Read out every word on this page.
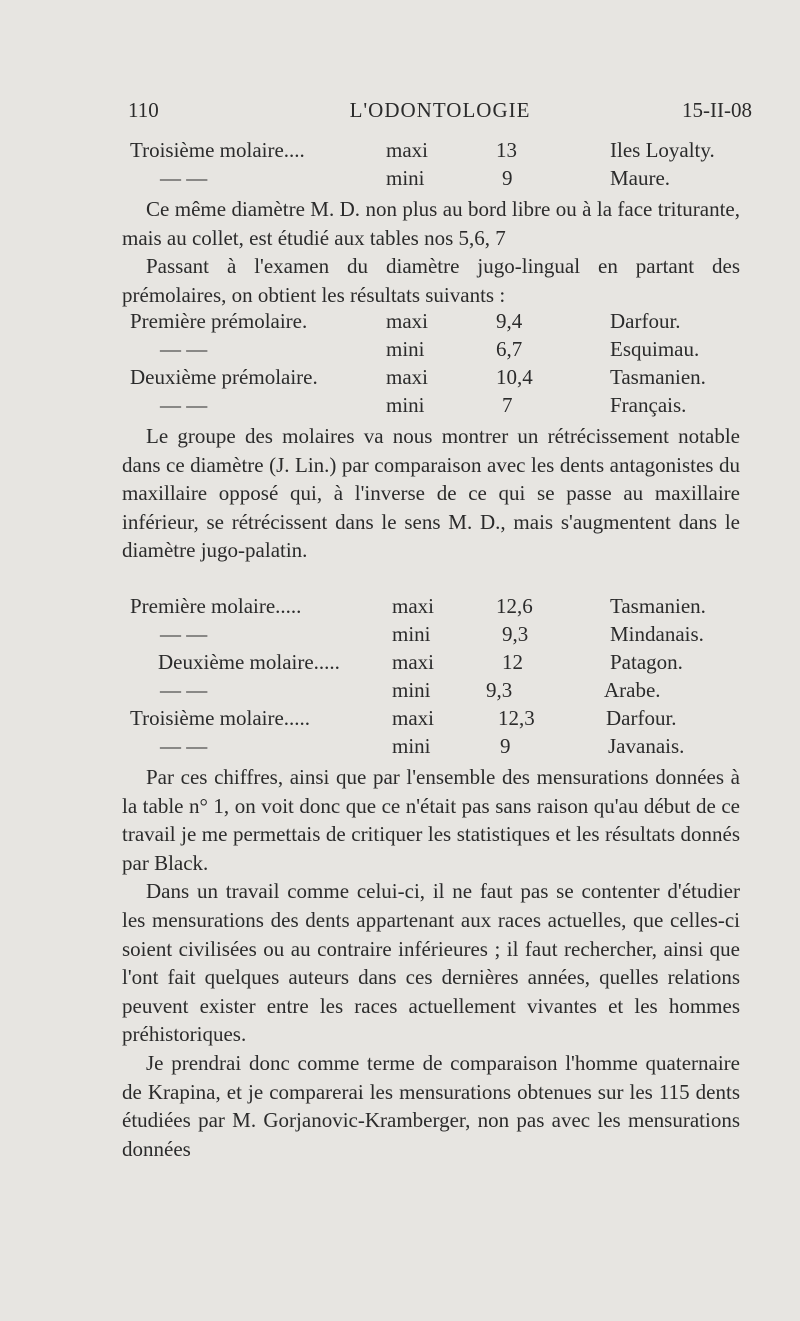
110	L'ODONTOLOGIE	15-II-08
Troisième molaire....	maxi	13	Iles Loyalty.
— —	mini	9	Maure.

Ce même diamètre M. D. non plus au bord libre ou à la face triturante, mais au collet, est étudié aux tables nos 5,6, 7

Passant à l'examen du diamètre jugo-lingual en partant des prémolaires, on obtient les résultats suivants :

Première prémolaire.	maxi	9,4	Darfour.
— —	mini	6,7	Esquimau.
Deuxième prémolaire.	maxi	10,4	Tasmanien.
— —	mini	7	Français.

Le groupe des molaires va nous montrer un rétrécissement notable dans ce diamètre (J. Lin.) par comparaison avec les dents antagonistes du maxillaire opposé qui, à l'inverse de ce qui se passe au maxillaire inférieur, se rétrécissent dans le sens M. D., mais s'augmentent dans le diamètre jugo-palatin.

Première molaire.....	maxi	12,6	Tasmanien.
— —	mini	9,3	Mindanais.
Deuxième molaire..... maxi	12	Patagon.
— —	mini	9,3	Arabe.
Troisième molaire.....	maxi	12,3	Darfour.
— —	mini	9	Javanais.

Par ces chiffres, ainsi que par l'ensemble des mensurations données à la table n° 1, on voit donc que ce n'était pas sans raison qu'au début de ce travail je me permettais de critiquer les statistiques et les résultats donnés par Black.

Dans un travail comme celui-ci, il ne faut pas se contenter d'étudier les mensurations des dents appartenant aux races actuelles, que celles-ci soient civilisées ou au contraire inférieures ; il faut rechercher, ainsi que l'ont fait quelques auteurs dans ces dernières années, quelles relations peuvent exister entre les races actuellement vivantes et les hommes préhistoriques.

Je prendrai donc comme terme de comparaison l'homme quaternaire de Krapina, et je comparerai les mensurations obtenues sur les 115 dents étudiées par M. Gorjanovic-Kramberger, non pas avec les mensurations données
